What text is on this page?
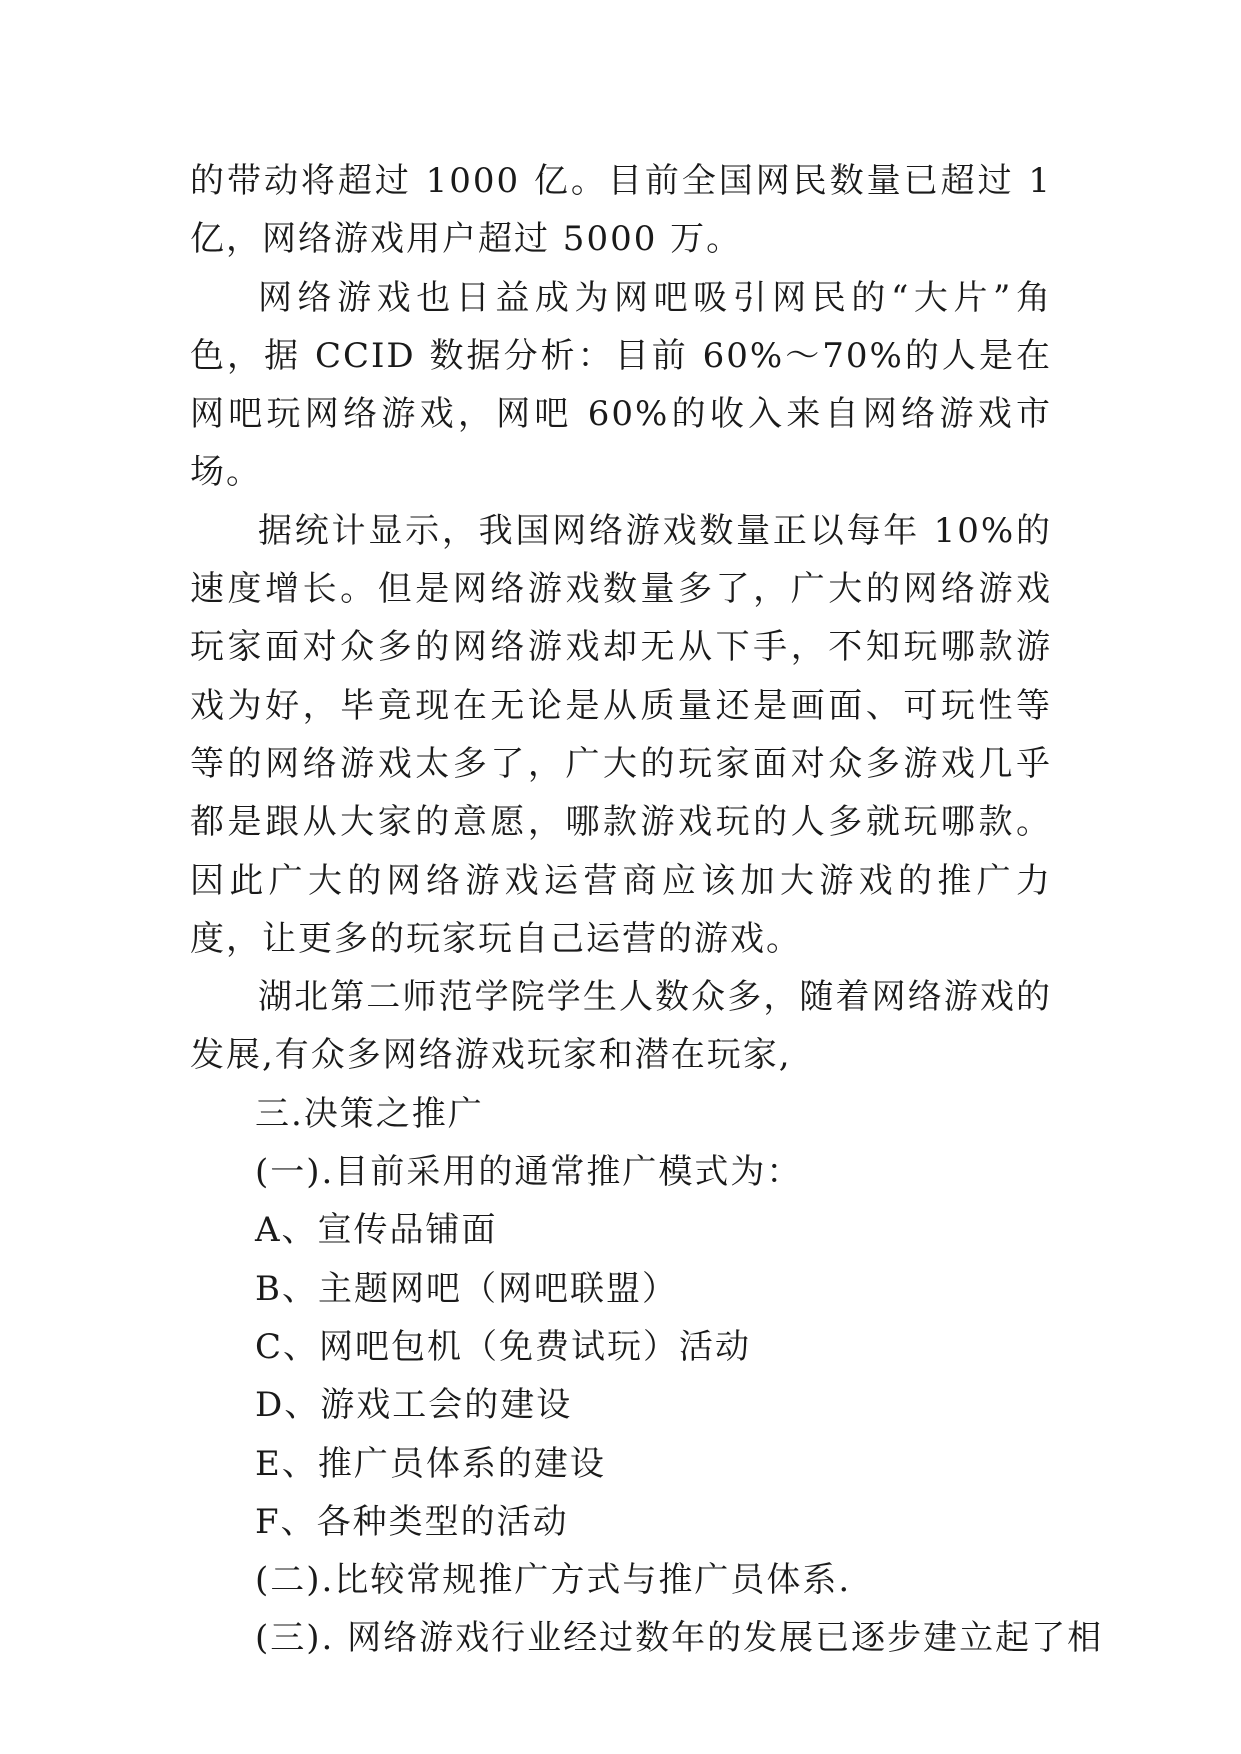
的带动将超过 1000 亿。目前全国网民数量已超过 1 亿，网络游戏用户超过 5000 万。

网络游戏也日益成为网吧吸引网民的“大片”角色，据 CCID 数据分析：目前 60%～70%的人是在网吧玩网络游戏，网吧 60%的收入来自网络游戏市场。

据统计显示，我国网络游戏数量正以每年 10%的速度增长。但是网络游戏数量多了，广大的网络游戏玩家面对众多的网络游戏却无从下手，不知玩哪款游戏为好，毕竟现在无论是从质量还是画面、可玩性等等的网络游戏太多了，广大的玩家面对众多游戏几乎都是跟从大家的意愿，哪款游戏玩的人多就玩哪款。因此广大的网络游戏运营商应该加大游戏的推广力度，让更多的玩家玩自己运营的游戏。

湖北第二师范学院学生人数众多，随着网络游戏的发展,有众多网络游戏玩家和潜在玩家,

三.决策之推广

(一).目前采用的通常推广模式为：

A、宣传品铺面

B、主题网吧（网吧联盟）

C、网吧包机（免费试玩）活动

D、游戏工会的建设

E、推广员体系的建设

F、各种类型的活动

(二).比较常规推广方式与推广员体系.

(三). 网络游戏行业经过数年的发展已逐步建立起了相
